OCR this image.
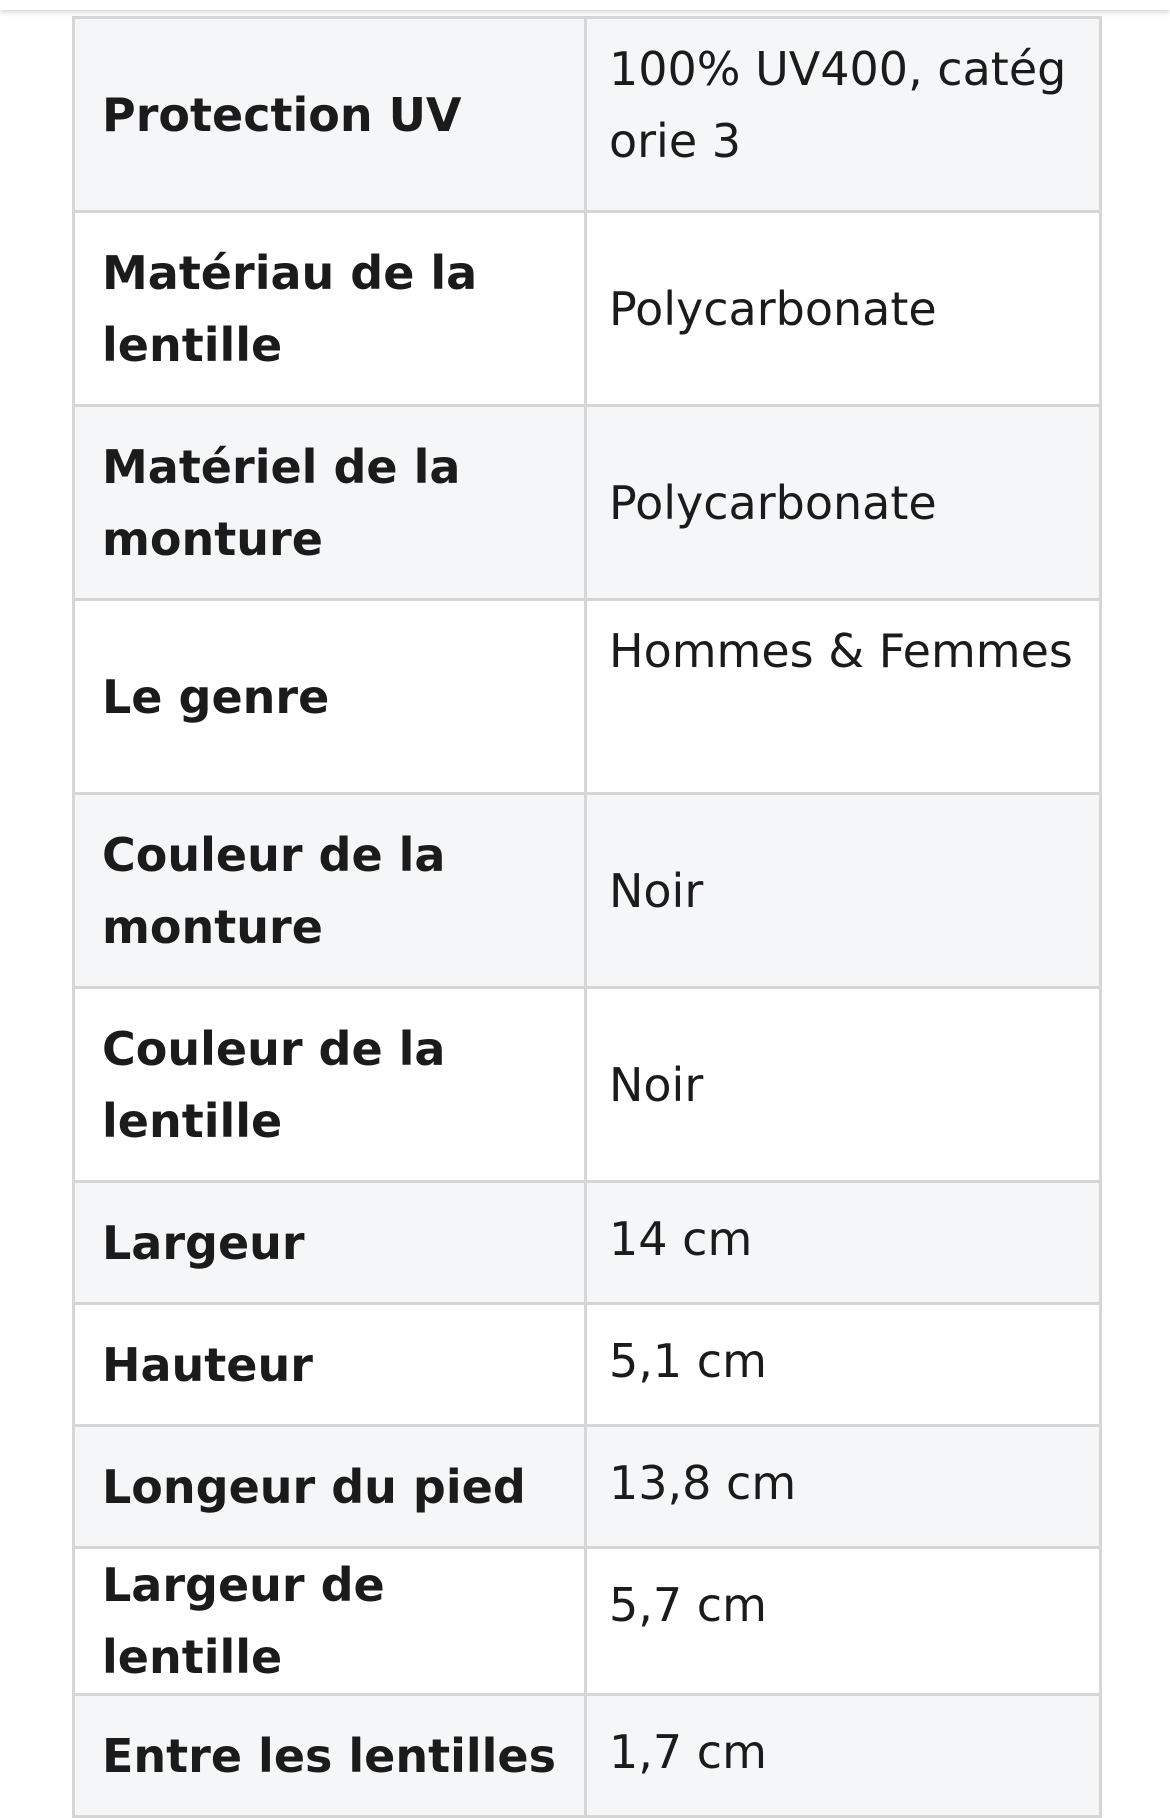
Protection UV	100% UV400, catégorie 3
Matériau de la lentille	Polycarbonate
Matériel de la monture	Polycarbonate
Le genre	Hommes & Femmes
Couleur de la monture	Noir
Couleur de la lentille	Noir
Largeur	14 cm
Hauteur	5,1 cm
Longeur du pied	13,8 cm
Largeur de lentille	5,7 cm
Entre les lentilles	1,7 cm
